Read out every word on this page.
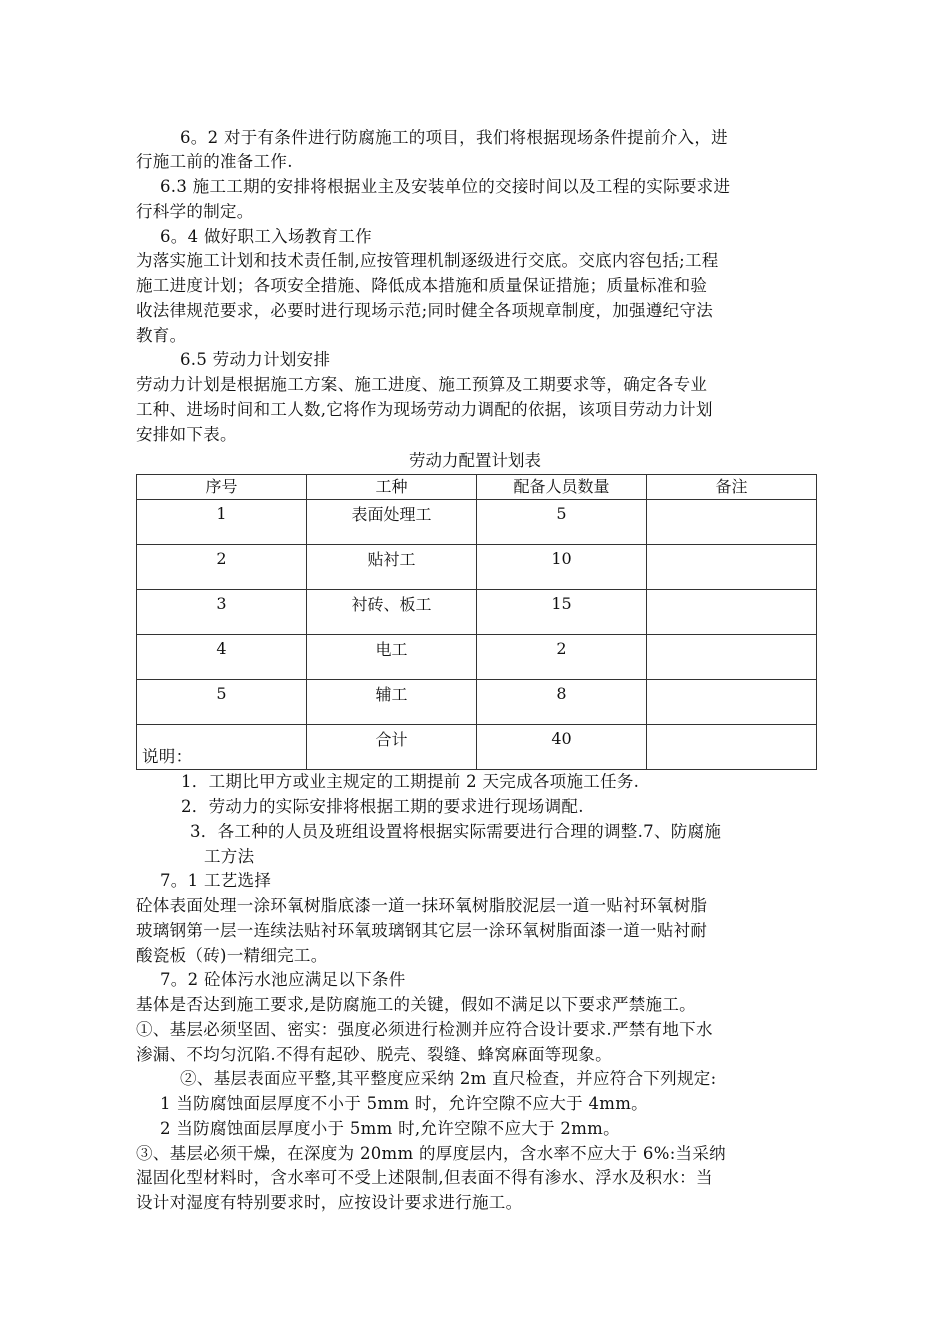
6。2 对于有条件进行防腐施工的项目，我们将根据现场条件提前介入，进
行施工前的准备工作.
6.3 施工工期的安排将根据业主及安装单位的交接时间以及工程的实际要求进
行科学的制定。
6。4 做好职工入场教育工作
为落实施工计划和技术责任制,应按管理机制逐级进行交底。交底内容包括;工程
施工进度计划；各项安全措施、降低成本措施和质量保证措施；质量标准和验
收法律规范要求，必要时进行现场示范;同时健全各项规章制度，加强遵纪守法
教育。
6.5 劳动力计划安排
劳动力计划是根据施工方案、施工进度、施工预算及工期要求等，确定各专业
工种、进场时间和工人数,它将作为现场劳动力调配的依据，该项目劳动力计划
安排如下表。
劳动力配置计划表
序号	工种	配备人员数量	备注
1	表面处理工	5	
2	贴衬工	10	
3	衬砖、板工	15	
4	电工	2	
5	辅工	8	
	合计	40	
说明：
1．工期比甲方或业主规定的工期提前 2 天完成各项施工任务.
2．劳动力的实际安排将根据工期的要求进行现场调配.
3．各工种的人员及班组设置将根据实际需要进行合理的调整.7、防腐施
工方法
7。1 工艺选择
砼体表面处理一涂环氧树脂底漆一道一抹环氧树脂胶泥层一道一贴衬环氧树脂
玻璃钢第一层一连续法贴衬环氧玻璃钢其它层一涂环氧树脂面漆一道一贴衬耐
酸瓷板（砖)一精细完工。
7。2 砼体污水池应满足以下条件
基体是否达到施工要求,是防腐施工的关键，假如不满足以下要求严禁施工。
①、基层必须坚固、密实：强度必须进行检测并应符合设计要求.严禁有地下水
渗漏、不均匀沉陷.不得有起砂、脱壳、裂缝、蜂窝麻面等现象。
②、基层表面应平整,其平整度应采纳 2m 直尺检查，并应符合下列规定:
1 当防腐蚀面层厚度不小于 5mm 时，允许空隙不应大于 4mm。
2 当防腐蚀面层厚度小于 5mm 时,允许空隙不应大于 2mm。
③、基层必须干燥，在深度为 20mm 的厚度层内，含水率不应大于 6%:当采纳
湿固化型材料时，含水率可不受上述限制,但表面不得有渗水、浮水及积水：当
设计对湿度有特别要求时，应按设计要求进行施工。
